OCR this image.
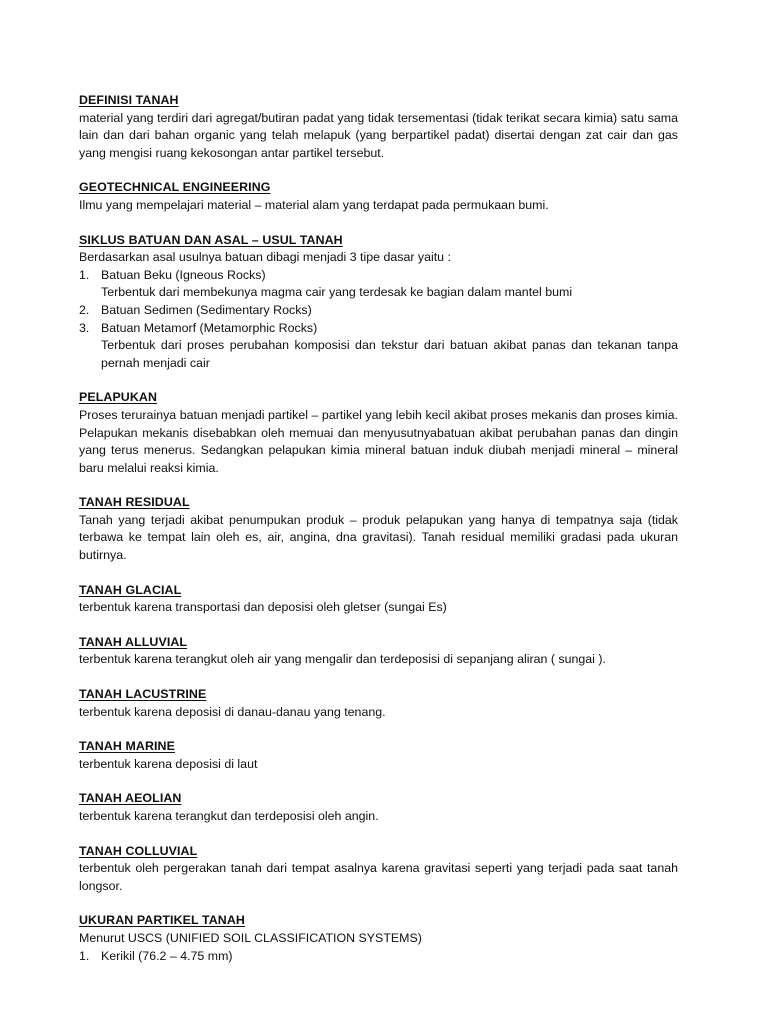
DEFINISI TANAH
material yang terdiri dari agregat/butiran padat yang tidak tersementasi (tidak terikat secara kimia) satu sama lain dan dari bahan organic yang telah melapuk (yang berpartikel padat) disertai dengan zat cair dan gas yang mengisi ruang kekosongan antar partikel tersebut.
GEOTECHNICAL ENGINEERING
Ilmu yang mempelajari material – material alam yang terdapat pada permukaan bumi.
SIKLUS BATUAN DAN ASAL – USUL TANAH
Berdasarkan asal usulnya batuan dibagi menjadi 3 tipe dasar yaitu :
1. Batuan Beku (Igneous Rocks)
Terbentuk dari membekunya magma cair yang terdesak ke bagian dalam mantel bumi
2. Batuan Sedimen (Sedimentary Rocks)
3. Batuan Metamorf (Metamorphic Rocks)
Terbentuk dari proses perubahan komposisi dan tekstur dari batuan akibat panas dan tekanan tanpa pernah menjadi cair
PELAPUKAN
Proses terurainya batuan menjadi partikel – partikel yang lebih kecil akibat proses mekanis dan proses kimia. Pelapukan mekanis disebabkan oleh memuai dan menyusutnyabatuan akibat perubahan panas dan dingin yang terus menerus. Sedangkan pelapukan kimia mineral batuan induk diubah menjadi mineral – mineral baru melalui reaksi kimia.
TANAH RESIDUAL
Tanah yang terjadi akibat penumpukan produk – produk pelapukan yang hanya di tempatnya saja (tidak terbawa ke tempat lain oleh es, air, angina, dna gravitasi). Tanah residual memiliki gradasi pada ukuran butirnya.
TANAH GLACIAL
terbentuk karena transportasi dan deposisi oleh gletser (sungai Es)
TANAH ALLUVIAL
terbentuk karena terangkut oleh air yang mengalir dan terdeposisi di sepanjang aliran ( sungai ).
TANAH LACUSTRINE
terbentuk karena deposisi di danau-danau yang tenang.
TANAH MARINE
terbentuk karena deposisi di laut
TANAH AEOLIAN
terbentuk karena terangkut dan terdeposisi oleh angin.
TANAH COLLUVIAL
terbentuk oleh pergerakan tanah dari tempat asalnya karena gravitasi seperti yang terjadi pada saat tanah longsor.
UKURAN PARTIKEL TANAH
Menurut USCS (UNIFIED SOIL CLASSIFICATION SYSTEMS)
1. Kerikil (76.2 – 4.75 mm)
